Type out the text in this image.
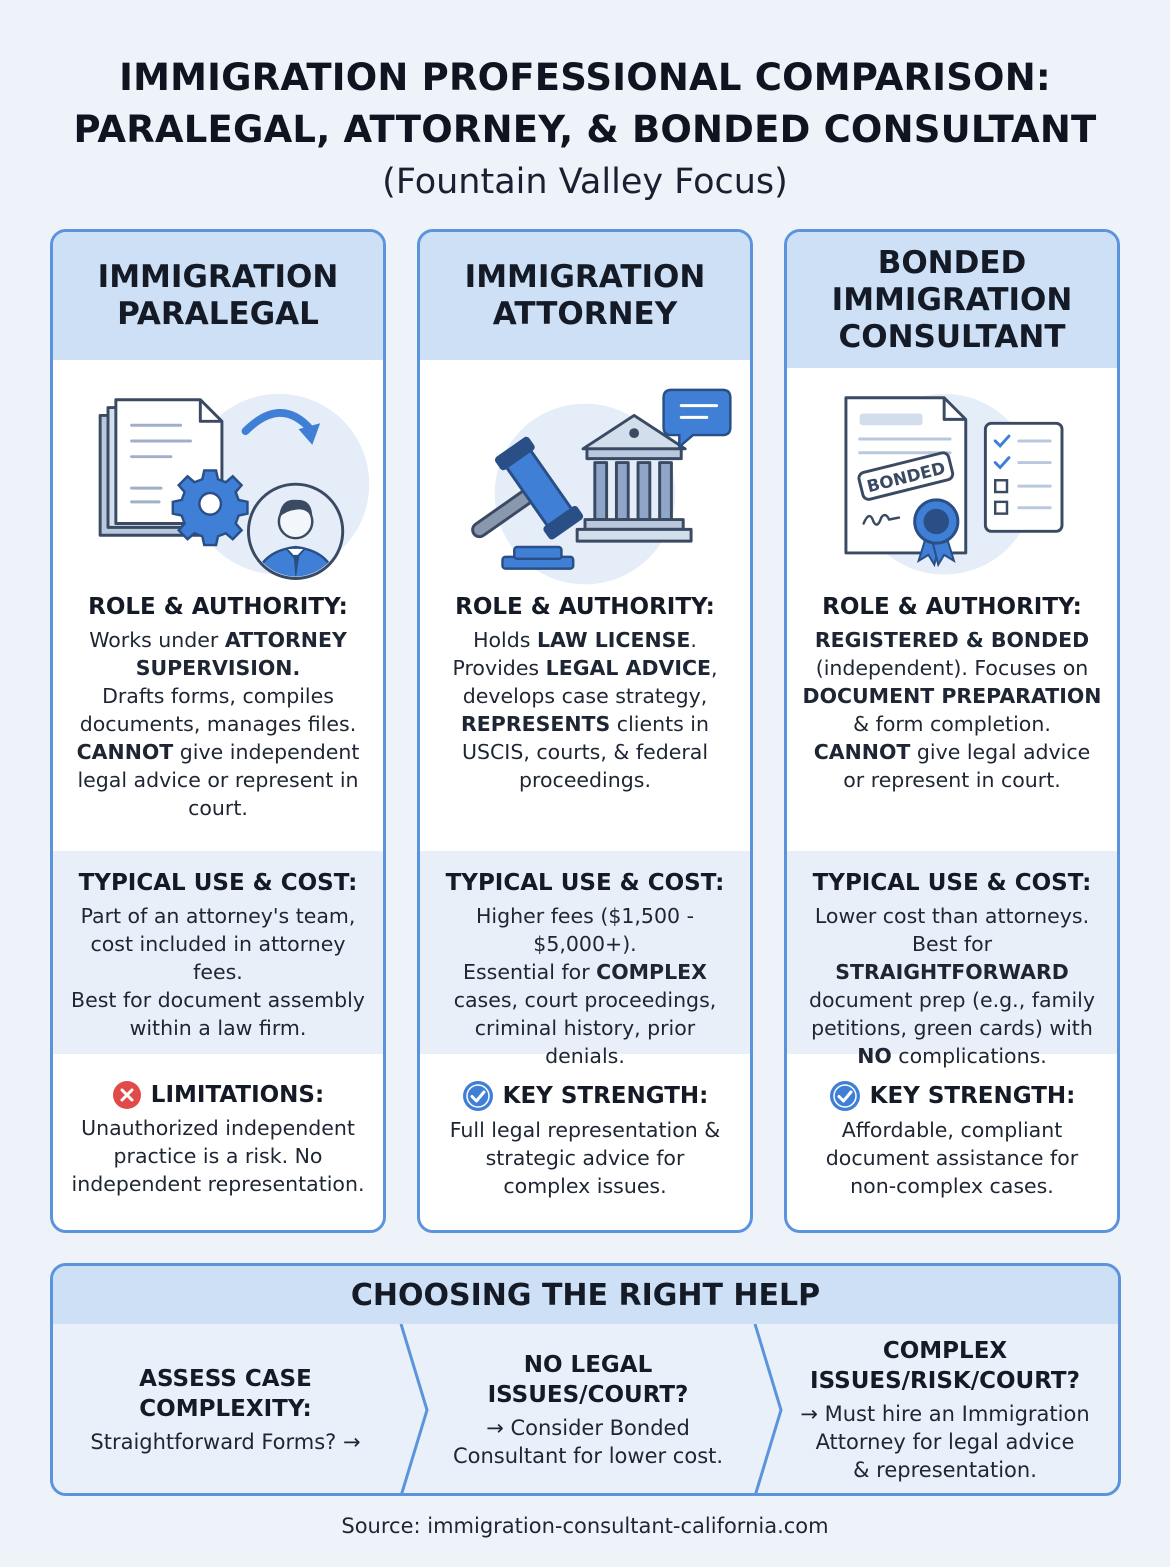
IMMIGRATION PROFESSIONAL COMPARISON:
PARALEGAL, ATTORNEY, & BONDED CONSULTANT
(Fountain Valley Focus)
IMMIGRATION
PARALEGAL
ROLE & AUTHORITY:
Works under ATTORNEY
SUPERVISION.
Drafts forms, compiles
documents, manages files.
CANNOT give independent
legal advice or represent in
court.
TYPICAL USE & COST:
Part of an attorney's team,
cost included in attorney fees.
Best for document assembly
within a law firm.
LIMITATIONS:
Unauthorized independent
practice is a risk. No
independent representation.
IMMIGRATION
ATTORNEY
ROLE & AUTHORITY:
Holds LAW LICENSE.
Provides LEGAL ADVICE,
develops case strategy,
REPRESENTS clients in
USCIS, courts, & federal
proceedings.
TYPICAL USE & COST:
Higher fees ($1,500 - $5,000+).
Essential for COMPLEX
cases, court proceedings,
criminal history, prior denials.
KEY STRENGTH:
Full legal representation &
strategic advice for
complex issues.
BONDED
IMMIGRATION
CONSULTANT
BONDED
ROLE & AUTHORITY:
REGISTERED & BONDED
(independent). Focuses on
DOCUMENT PREPARATION
& form completion.
CANNOT give legal advice
or represent in court.
TYPICAL USE & COST:
Lower cost than attorneys.
Best for STRAIGHTFORWARD
document prep (e.g., family
petitions, green cards) with
NO complications.
KEY STRENGTH:
Affordable, compliant
document assistance for
non-complex cases.
CHOOSING THE RIGHT HELP
ASSESS CASE
COMPLEXITY:
Straightforward Forms? →
NO LEGAL
ISSUES/COURT?
→ Consider Bonded
Consultant for lower cost.
COMPLEX
ISSUES/RISK/COURT?
→ Must hire an Immigration
Attorney for legal advice
& representation.
Source: immigration-consultant-california.com
